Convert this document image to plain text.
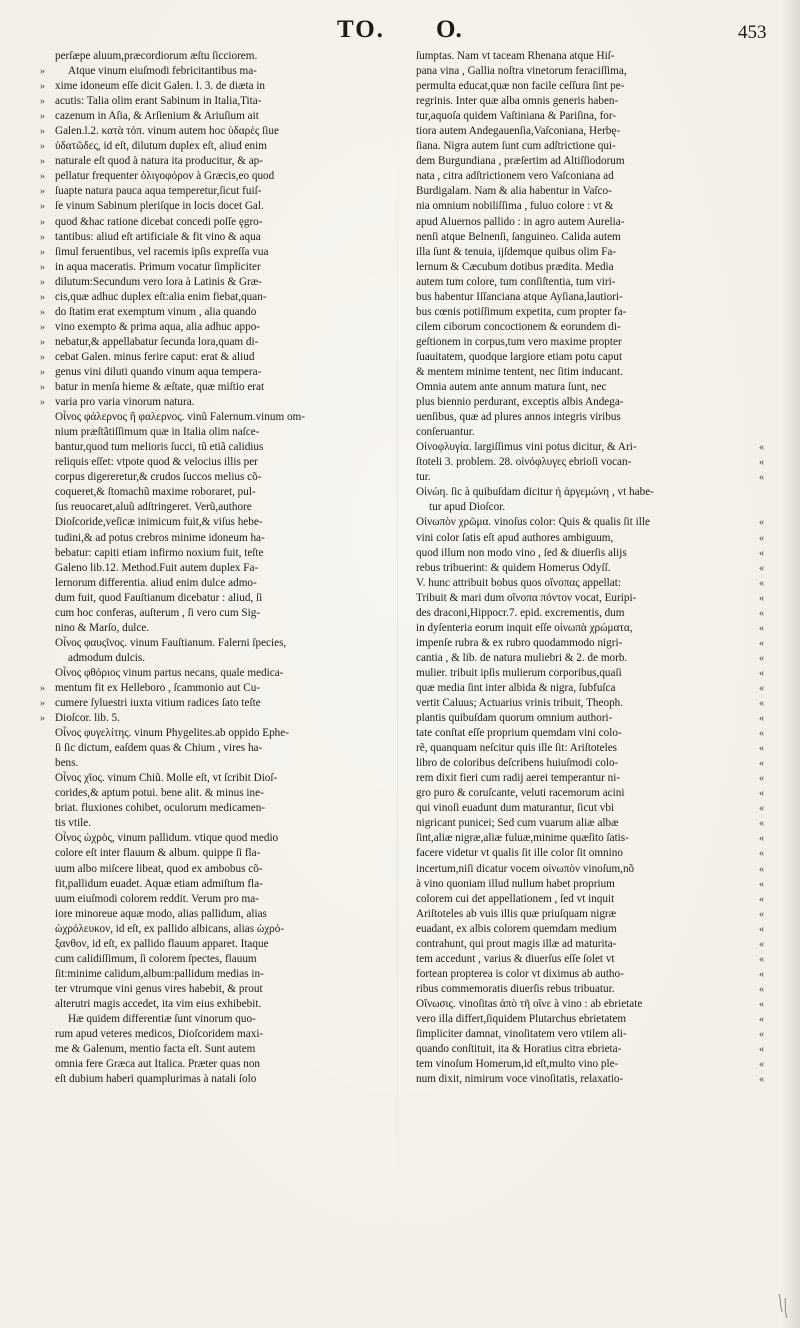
TO. O.	453
perſæpe aluum,præcordiorum æſtu ſicciorem.
Atque vinum eiuſmodi febricitantibus ma-
»
xime idoneum eſſe dicit Galen. l. 3. de diæta in
»
acutis: Talia olim erant Sabinum in Italia,Tita-
»
cazenum in Aſia, & Arſienium & Ariuſium ait
»
Galen.l.2. κατὰ τόπ. vinum autem hoc ὑδαρὲς ſiue
»
ὑδατῶδες, id eſt, dilutum duplex eſt, aliud enim
»
naturale eſt quod à natura ita producitur, & ap-
»
pellatur frequenter ὀλιγοφόρον à Græcis,eo quod
»
ſuapte natura pauca aqua temperetur,ſicut fuiſ-
»
ſe vinum Sabinum pleriſque in locis docet Gal.
»
quod &hac ratione dicebat concedi poſſe ęgro-
»
tantibus: aliud eſt artificiale & fit vino & aqua
»
ſimul feruentibus, vel racemis ipſis expreſſa vua
»
in aqua maceratis. Primum vocatur ſimpliciter
»
dilutum:Secundum vero lora à Latinis & Græ-
»
cis,quæ adhuc duplex eſt:alia enim fiebat,quan-
»
do ſtatim erat exemptum vinum , alia quando
»
vino exempto & prima aqua, alia adhuc appo-
»
nebatur,& appellabatur ſecunda lora,quam di-
»
cebat Galen. minus ferire caput: erat & aliud
»
genus vini diluti quando vinum aqua tempera-
»
batur in menſa hieme & æſtate, quæ miſtio erat
»
varia pro varia vinorum natura.
»
Οἶνος φάλερνος ἢ φαλερνος. vinũ Falernum.vinum om-
nium præſtãtiſſimum quæ in Italia olim naſce-
bantur,quod tum melioris ſucci, tũ etiã calidius
reliquis eſſet: vtpote quod & velocius illis per
corpus digereretur,& crudos ſuccos melius cõ-
coqueret,& ſtomachũ maxime roboraret, pul-
ſus reuocaret,aluũ adſtringeret. Verũ,authore
Dioſcoride,veſicæ inimicum fuit,& viſus hebe-
tudini,& ad potus crebros minime idoneum ha-
bebatur: capiti etiam infirmo noxium fuit, teſte
Galeno lib.12. Method.Fuit autem duplex Fa-
lernorum differentia. aliud enim dulce admo-
dum fuit, quod Fauſtianum dicebatur : aliud, ſi
cum hoc conferas, auſterum , ſi vero cum Sig-
nino & Marſo, dulce.
Οἶνος φαυςῖνος. vinum Fauſtianum. Falerni ſpecies,
admodum dulcis.
Οἶνος φθόριος vinum partus necans, quale medica-
mentum fit ex Helleboro , ſcammonio aut Cu-
»
cumere ſyluestri iuxta vitium radices ſato teſte
»
Dioſcor. lib. 5.
»
Οἶνος φυγελίτης. vinum Phygelites.ab oppido Ephe-
ſi ſic dictum, eaſdem quas & Chium , vires ha-
bens.
Οἶνος χῖος. vinum Chiũ. Molle eſt, vt ſcribit Dioſ-
corides,& aptum potui. bene alit. & minus ine-
briat. fluxiones cohibet, oculorum medicamen-
tis vtile.
Οἶνος ὠχρὸς, vinum pallidum. vtique quod medio
colore eſt inter flauum & album. quippe ſi fla-
uum albo miſcere libeat, quod ex ambobus cõ-
fit,pallidum euadet. Aquæ etiam admiſtum fla-
uum eiuſmodi colorem reddit. Verum pro ma-
iore minoreue aquæ modo, alias pallidum, alias
ὠχρόλευκον, id eſt, ex pallido albicans, alias ὠχρό-
ξανθον, id eſt, ex pallido flauum apparet. Itaque
cum calidiſſimum, ſi colorem ſpectes, flauum
ſit:minime calidum,album:pallidum medias in-
ter vtrumque vini genus vires habebit, & prout
alterutri magis accedet, ita vim eius exhibebit.
Hæ quidem differentiæ ſunt vinorum quo-
rum apud veteres medicos, Dioſcoridem maxi-
me & Galenum, mentio facta eſt. Sunt autem
omnia fere Græca aut Italica. Præter quas non
eſt dubium haberi quamplurimas à natali ſolo
ſumptas. Nam vt taceam Rhenana atque Hiſ-
pana vina , Gallia noſtra vinetorum feraciſſima,
permulta educat,quæ non facile ceſſura ſint pe-
regrinis. Inter quæ alba omnis generis haben-
tur,aquoſa quidem Vaſtiniana & Pariſina, for-
tiora autem Andegauenſia,Vaſconiana, Herbę-
ſiana. Nigra autem ſunt cum adſtrictione qui-
dem Burgundiana , præſertim ad Altiſſiodorum
nata , citra adſtrictionem vero Vaſconiana ad
Burdigalam. Nam & alia habentur in Vaſco-
nia omnium nobiliſſima , fuluo colore : vt &
apud Aluernos pallido : in agro autem Aurelia-
nenſi atque Belnenſi, ſanguineo. Calida autem
illa ſunt & tenuia, ijſdemque quibus olim Fa-
lernum & Cæcubum dotibus prædita. Media
autem tum colore, tum conſiſtentia, tum viri-
bus habentur Iſſanciana atque Ayſiana,lautiori-
bus cœnis potiſſimum expetita, cum propter fa-
cilem ciborum concoctionem & eorundem di-
geſtionem in corpus,tum vero maxime propter
ſuauitatem, quodque largiore etiam potu caput
& mentem minime tentent, nec ſitim inducant.
Omnia autem ante annum matura ſunt, nec
plus biennio perdurant, exceptis albis Andega-
uenſibus, quæ ad plures annos integris viribus
conſeruantur.
Οἰνοφλυγία. largiſſimus vini potus dicitur, & Ari-	«
ſtoteli 3. problem. 28. οἰνόφλυγες ebrioſi vocan-	«
tur.	«
Οἰνώη. ſic à quibuſdam dicitur ἡ ἀργεμώνη , vt habe-
tur apud Dioſcor.
Οἰνωπὸν χρῶμα. vinoſus color: Quis & qualis ſit ille	«
vini color ſatis eſt apud authores ambiguum,	«
quod illum non modo vino , ſed & diuerſis alijs	«
rebus tribuerint: & quidem Homerus Odyſſ.	«
V. hunc attribuit bobus quos οἴνοπας appellat:	«
Tribuit & mari dum οἴνοπα πόντον vocat, Euripi-	«
des draconi,Hippocr.7. epid. excrementis, dum	«
in dyſenteria eorum inquit eſſe οἰνωπὰ χρώματα,	«
impenſe rubra & ex rubro quodammodo nigri-	«
cantia , & lib. de natura muliebri & 2. de morb.	«
mulier. tribuit ipſis mulierum corporibus,quaſi	«
quæ media ſint inter albida & nigra, ſubfuſca	«
vertit Caluus; Actuarius vrinis tribuit, Theoph.	«
plantis quibuſdam quorum omnium authori-	«
tate conſtat eſſe proprium quemdam vini colo-	«
rẽ, quanquam neſcitur quis ille ſit: Ariſtoteles	«
libro de coloribus deſcribens huiuſmodi colo-	«
rem dixit fieri cum radij aerei temperantur ni-	«
gro puro & coruſcante, veluti racemorum acini	«
qui vinoſi euadunt dum maturantur, ſicut vbi	«
nigricant punicei; Sed cum vuarum aliæ albæ	«
ſint,aliæ nigræ,aliæ fuluæ,minime quæſito ſatis-	«
facere videtur vt qualis ſit ille color ſit omnino	«
incertum,niſi dicatur vocem οἰνωπὸν vinoſum,nõ	«
à vino quoniam illud nullum habet proprium	«
colorem cui det appellationem , ſed vt inquit	«
Ariſtoteles ab vuis illis quæ priuſquam nigræ	«
euadant, ex albis colorem quemdam medium	«
contrahunt, qui prout magis illæ ad maturita-	«
tem accedunt , varius & diuerſus eſſe ſolet vt	«
fortean propterea is color vt diximus ab autho-	«
ribus commemoratis diuerſis rebus tribuatur.	«
Οἴνωσις. vinoſitas ἀπὸ τῆ οἴνε à vino : ab ebrietate	«
vero illa differt,ſiquidem Plutarchus ebrietatem	«
ſimpliciter damnat, vinoſitatem vero vtilem ali-	«
quando conſtituit, ita & Horatius citra ebrieta-	«
tem vinoſum Homerum,id eſt,multo vino ple-	«
num dixit, nimirum voce vinoſitatis, relaxatio-	«
